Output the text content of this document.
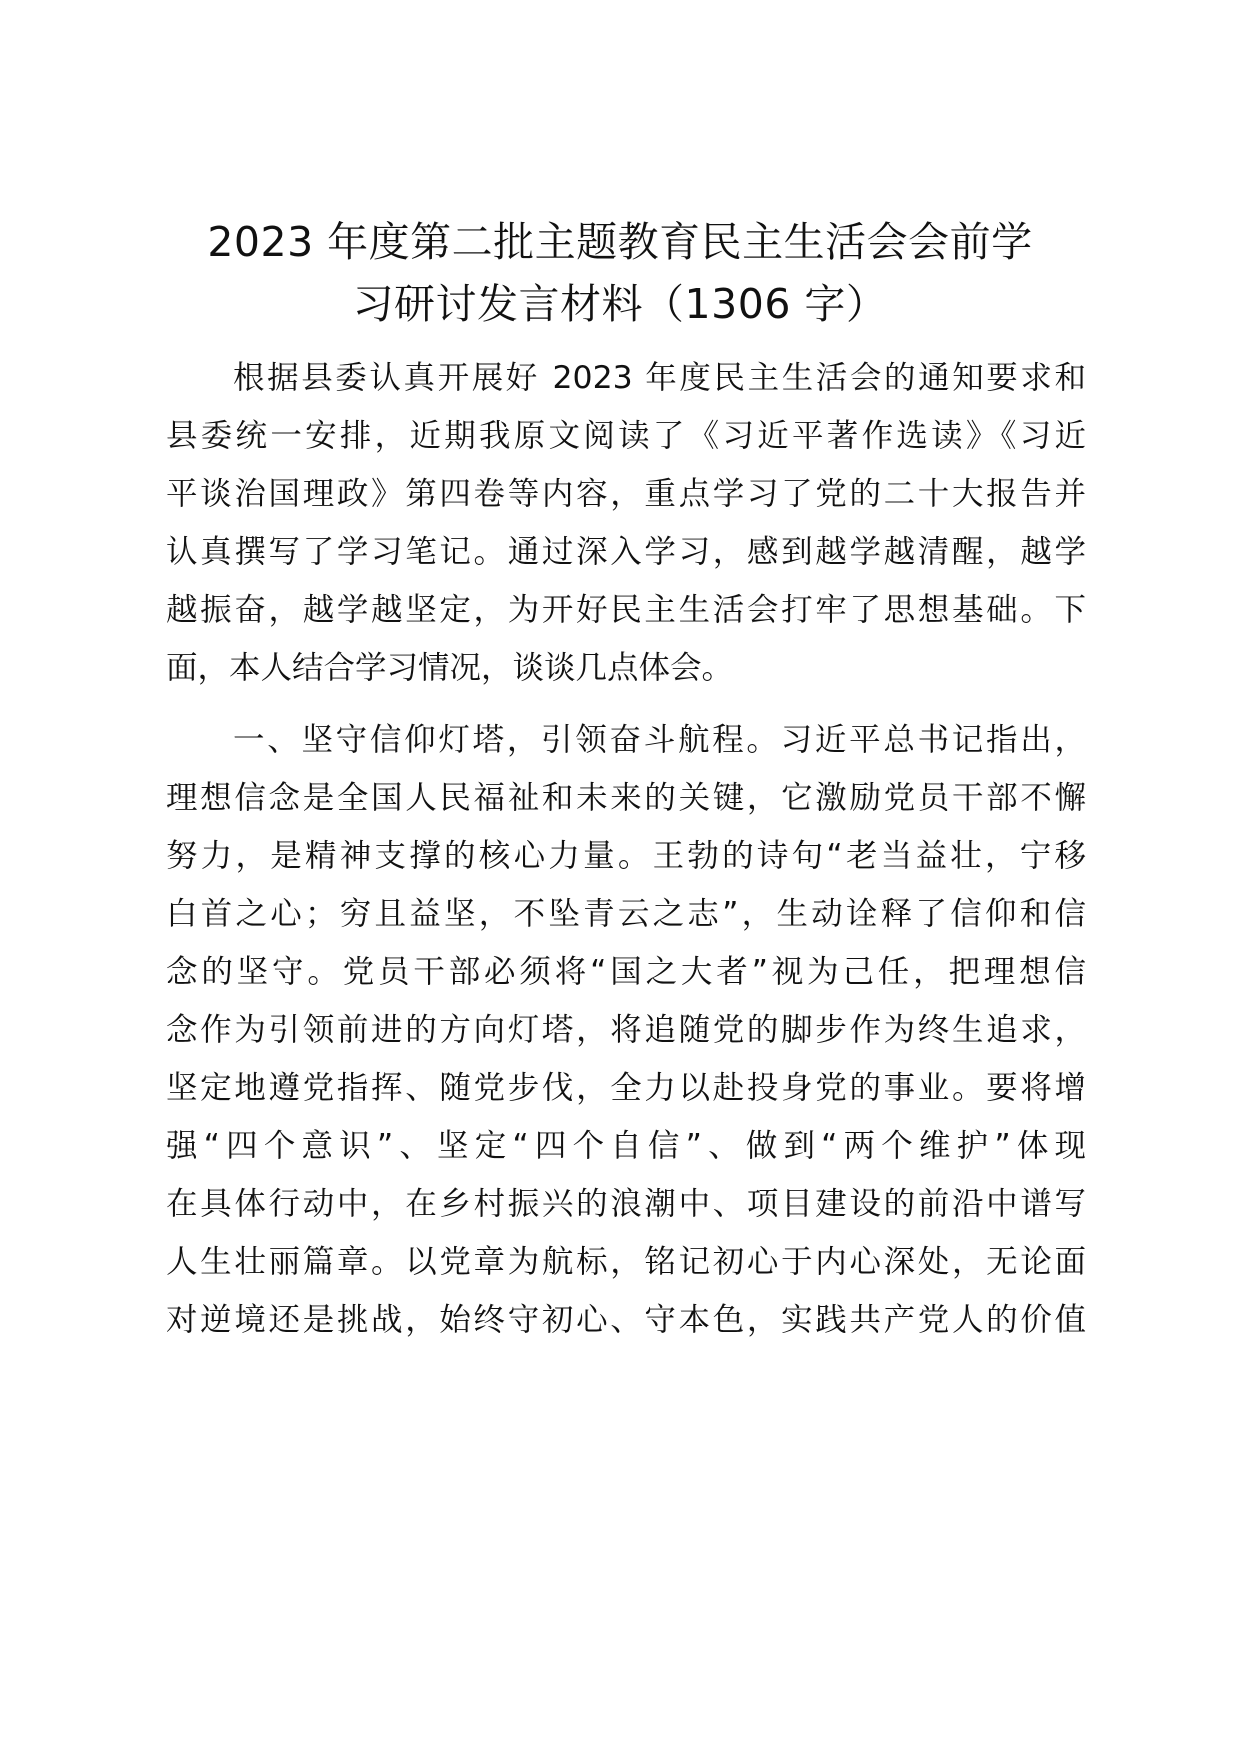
2023 年度第二批主题教育民主生活会会前学
习研讨发言材料（1306 字）
根据县委认真开展好 2023 年度民主生活会的通知要求和
县委统一安排，近期我原文阅读了《习近平著作选读》《习近
平谈治国理政》第四卷等内容，重点学习了党的二十大报告并
认真撰写了学习笔记。通过深入学习，感到越学越清醒，越学
越振奋，越学越坚定，为开好民主生活会打牢了思想基础。下
面，本人结合学习情况，谈谈几点体会。
一、坚守信仰灯塔，引领奋斗航程。习近平总书记指出，
理想信念是全国人民福祉和未来的关键，它激励党员干部不懈
努力，是精神支撑的核心力量。王勃的诗句“老当益壮，宁移
白首之心；穷且益坚，不坠青云之志”，生动诠释了信仰和信
念的坚守。党员干部必须将“国之大者”视为己任，把理想信
念作为引领前进的方向灯塔，将追随党的脚步作为终生追求，
坚定地遵党指挥、随党步伐，全力以赴投身党的事业。要将增
强“四个意识”、坚定“四个自信”、做到“两个维护”体现
在具体行动中，在乡村振兴的浪潮中、项目建设的前沿中谱写
人生壮丽篇章。以党章为航标，铭记初心于内心深处，无论面
对逆境还是挑战，始终守初心、守本色，实践共产党人的价值
